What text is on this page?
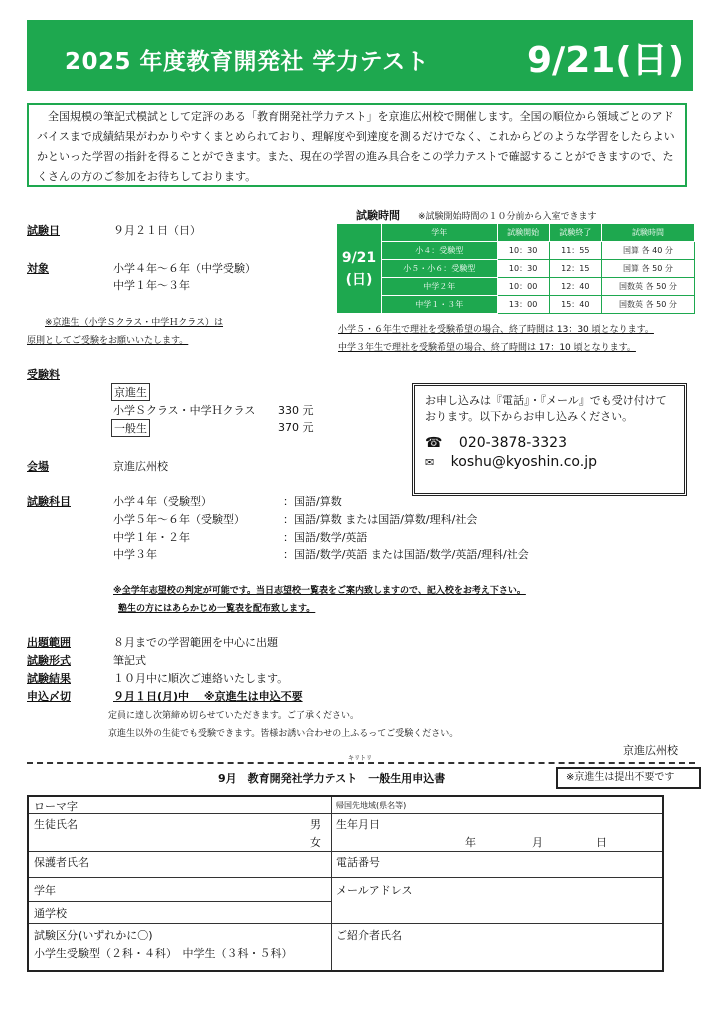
2025 年度教育開発社 学力テスト	9/21(日)
　全国規模の筆記式模試として定評のある「教育開発社学力テスト」を京進広州校で開催します。全国の順位から領域ごとのアドバイスまで成績結果がわかりやすくまとめられており、理解度や到達度を測るだけでなく、これからどのような学習をしたらよいかといった学習の指針を得ることができます。また、現在の学習の進み具合をこの学力テストで確認することができますので、たくさんの方のご参加をお待ちしております。
試験日	９月２１日（日）
対象	小学４年～６年（中学受験）
中学１年～３年
※京進生（小学Ｓクラス・中学Ｈクラス）は
原則としてご受験をお願いいたします。
試験時間 ※試験開始時間の１０分前から入室できます
9/21
(日)	学年	試験開始	試験終了	試験時間
	小４：受験型	10：30	11：55	国算 各 40 分
	小５・小６：受験型	10：30	12：15	国算 各 50 分
	中学２年	10：00	12：40	国数英 各 50 分
	中学１・３年	13：00	15：40	国数英 各 50 分
小学５・６年生で理社を受験希望の場合、終了時間は 13：30 頃となります。
中学３年生で理社を受験希望の場合、終了時間は 17：10 頃となります。
受験料
京進生
小学Ｓクラス・中学Ｈクラス 330 元
一般生	370 元
お申し込みは『電話』・『メール』でも受け付けて
おります。以下からお申し込みください。
☎ 020-3878-3323
✉ koshu@kyoshin.co.jp
会場	京進広州校
試験科目	小学４年（受験型）	：国語/算数
小学５年～６年（受験型）	：国語/算数 または国語/算数/理科/社会
中学１年・２年	：国語/数学/英語
中学３年	：国語/数学/英語 または国語/数学/英語/理科/社会
※全学年志望校の判定が可能です。当日志望校一覧表をご案内致しますので、記入校をお考え下さい。
塾生の方にはあらかじめ一覧表を配布致します。
出題範囲	８月までの学習範囲を中心に出題
試験形式	筆記式
試験結果	１０月中に順次ご連絡いたします。
申込〆切	９月１日(月)中　 ※京進生は申込不要
定員に達し次第締め切らせていただきます。ご了承ください。
京進生以外の生徒でも受験できます。皆様お誘い合わせの上ふるってご受験ください。
京進広州校
キリトリ
9月　教育開発社学力テスト　一般生用申込書	※京進生は提出不要です
ローマ字	帰国先地域(県名等)
生徒氏名	男
女
生年月日
年	月	日
保護者氏名	電話番号
学年	メールアドレス
通学校
試験区分(いずれかに〇)
小学生受験型（２科・４科）　中学生（３科・５科）
ご紹介者氏名
